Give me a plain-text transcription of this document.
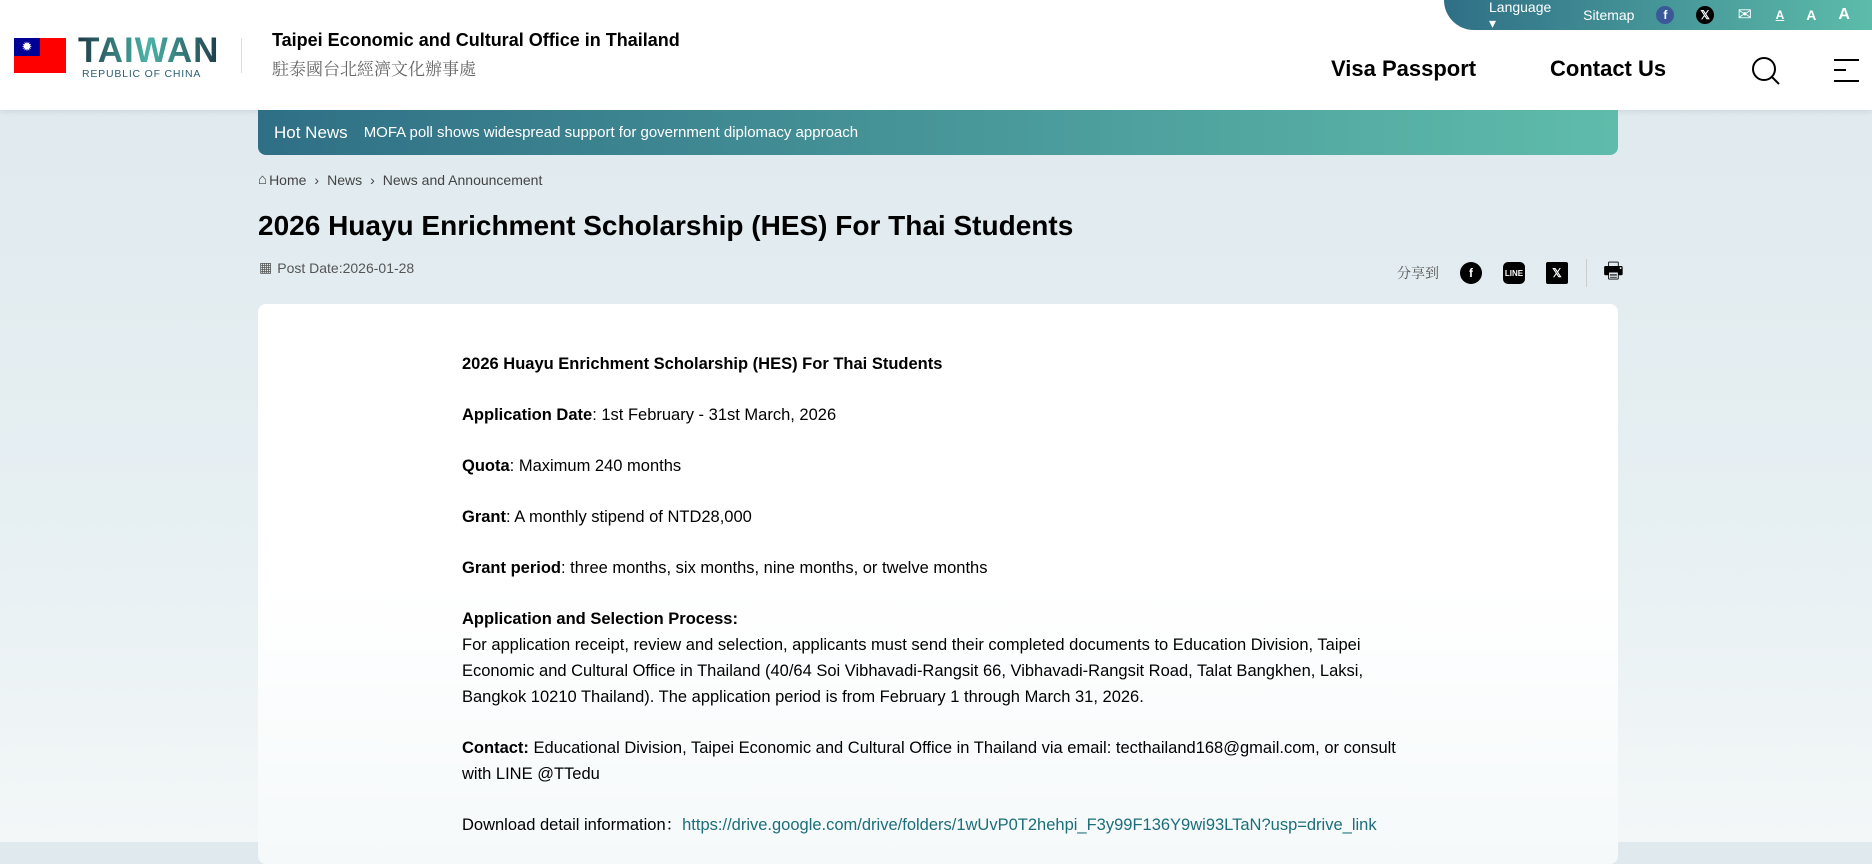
✹ TAIWAN
REPUBLIC OF CHINA
Taipei Economic and Cultural Office in Thailand
駐泰國台北經濟文化辦事處
Language ▾	Sitemap	f	𝕏 ✉ A A A
Visa Passport	Contact Us
Hot News MOFA poll shows widespread support for government diplomacy approach
⌂ Home › News › News and Announcement
2026 Huayu Enrichment Scholarship (HES) For Thai Students
▦ Post Date:2026-01-28	分享到	f	LINE	𝕏 🖶

2026 Huayu Enrichment Scholarship (HES) For Thai Students

Application Date: 1st February - 31st March, 2026

Quota: Maximum 240 months

Grant: A monthly stipend of NTD28,000

Grant period: three months, six months, nine months, or twelve months

Application and Selection Process:
For application receipt, review and selection, applicants must send their completed documents to Education Division, Taipei Economic and Cultural Office in Thailand (40/64 Soi Vibhavadi-Rangsit 66, Vibhavadi-Rangsit Road, Talat Bangkhen, Laksi, Bangkok 10210 Thailand). The application period is from February 1 through March 31, 2026.

Contact: Educational Division, Taipei Economic and Cultural Office in Thailand via email: tecthailand168@gmail.com, or consult with LINE @TTedu

Download detail information：https://drive.google.com/drive/folders/1wUvP0T2hehpi_F3y99F136Y9wi93LTaN?usp=drive_link
